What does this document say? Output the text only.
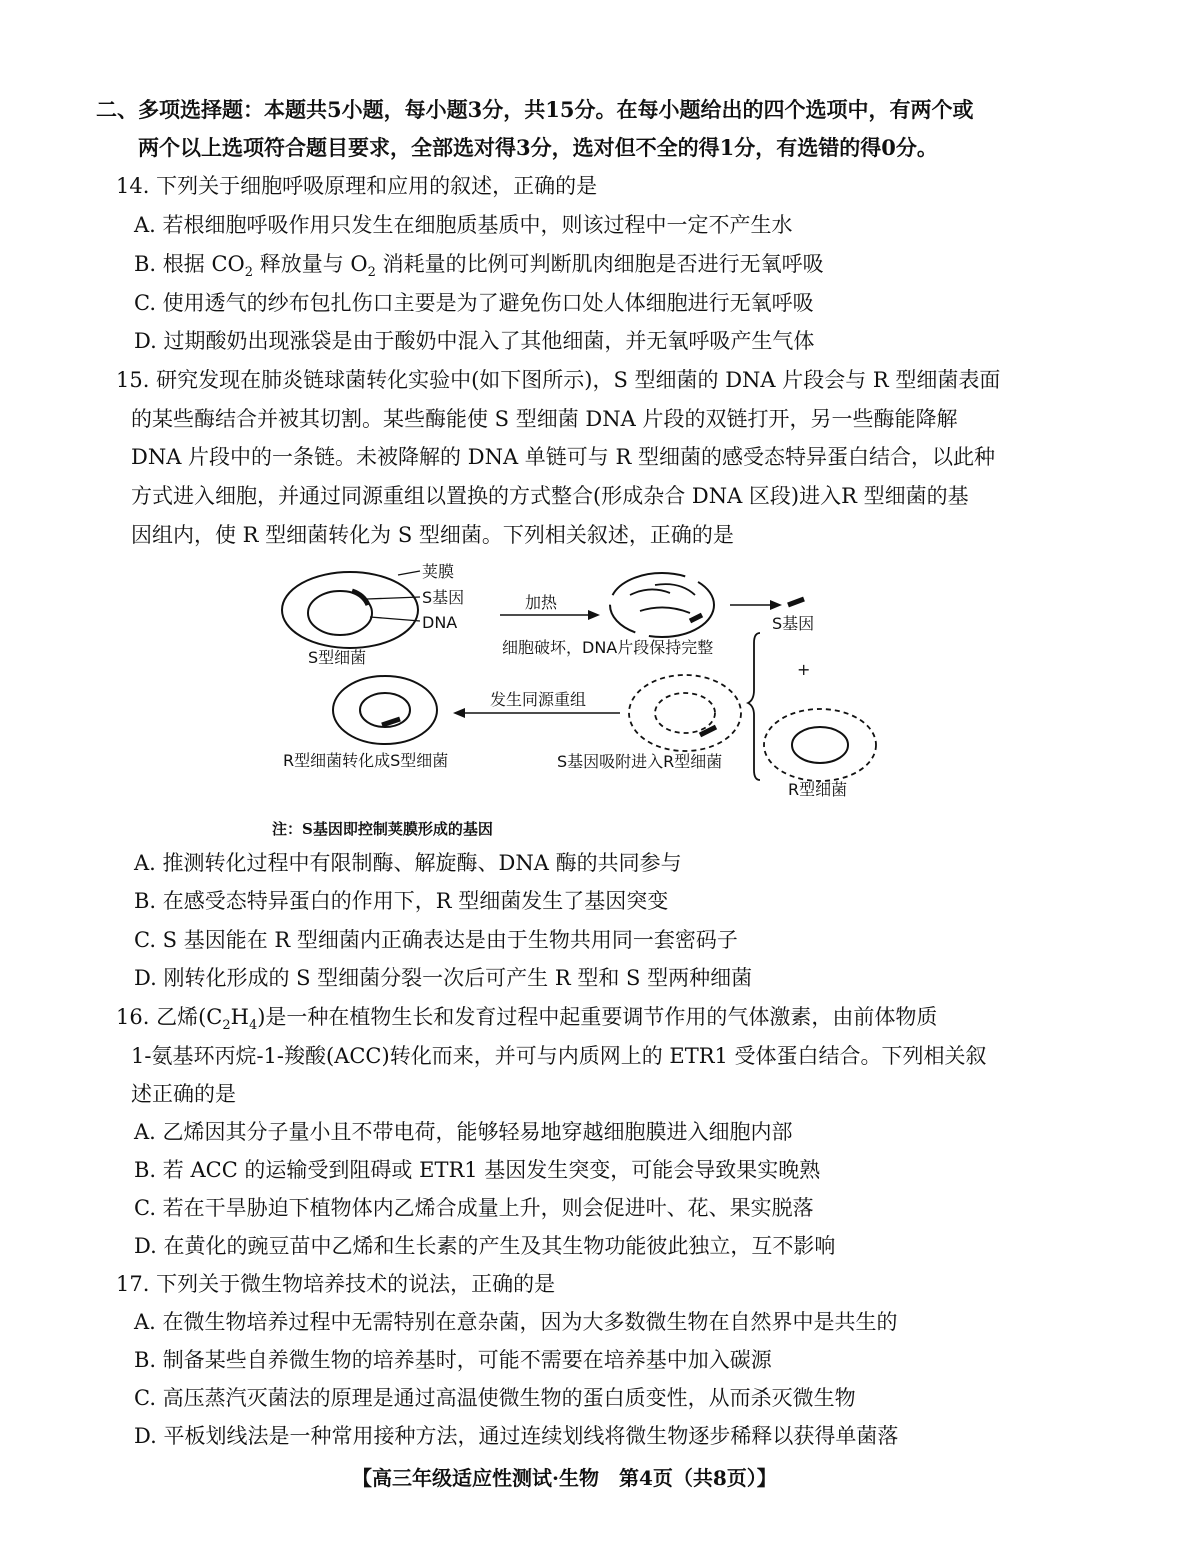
二、多项选择题：本题共5小题，每小题3分，共15分。在每小题给出的四个选项中，有两个或
两个以上选项符合题目要求，全部选对得3分，选对但不全的得1分，有选错的得0分。
14. 下列关于细胞呼吸原理和应用的叙述，正确的是
A. 若根细胞呼吸作用只发生在细胞质基质中，则该过程中一定不产生水
B. 根据 $CO_2$ 释放量与 $O_2$ 消耗量的比例可判断肌肉细胞是否进行无氧呼吸
C. 使用透气的纱布包扎伤口主要是为了避免伤口处人体细胞进行无氧呼吸
D. 过期酸奶出现涨袋是由于酸奶中混入了其他细菌，并无氧呼吸产生气体
15. 研究发现在肺炎链球菌转化实验中(如下图所示)，S 型细菌的 DNA 片段会与 R 型细菌表面
的某些酶结合并被其切割。某些酶能使 S 型细菌 DNA 片段的双链打开，另一些酶能降解
DNA 片段中的一条链。未被降解的 DNA 单链可与 R 型细菌的感受态特异蛋白结合，以此种
方式进入细胞，并通过同源重组以置换的方式整合(形成杂合 DNA 区段)进入R 型细菌的基
因组内，使 R 型细菌转化为 S 型细菌。下列相关叙述，正确的是
荚膜
S基因
DNA
S型细菌
加热
细胞破坏，DNA片段保持完整
S基因
+
R型细菌
S基因吸附进入R型细菌
发生同源重组
R型细菌转化成S型细菌
注：S基因即控制荚膜形成的基因
A. 推测转化过程中有限制酶、解旋酶、DNA 酶的共同参与
B. 在感受态特异蛋白的作用下，R 型细菌发生了基因突变
C. S 基因能在 R 型细菌内正确表达是由于生物共用同一套密码子
D. 刚转化形成的 S 型细菌分裂一次后可产生 R 型和 S 型两种细菌
16. 乙烯$(C_2H_4)$是一种在植物生长和发育过程中起重要调节作用的气体激素，由前体物质
1-氨基环丙烷-1-羧酸(ACC)转化而来，并可与内质网上的 ETR1 受体蛋白结合。下列相关叙
述正确的是
A. 乙烯因其分子量小且不带电荷，能够轻易地穿越细胞膜进入细胞内部
B. 若 ACC 的运输受到阻碍或 ETR1 基因发生突变，可能会导致果实晚熟
C. 若在干旱胁迫下植物体内乙烯合成量上升，则会促进叶、花、果实脱落
D. 在黄化的豌豆苗中乙烯和生长素的产生及其生物功能彼此独立，互不影响
17. 下列关于微生物培养技术的说法，正确的是
A. 在微生物培养过程中无需特别在意杂菌，因为大多数微生物在自然界中是共生的
B. 制备某些自养微生物的培养基时，可能不需要在培养基中加入碳源
C. 高压蒸汽灭菌法的原理是通过高温使微生物的蛋白质变性，从而杀灭微生物
D. 平板划线法是一种常用接种方法，通过连续划线将微生物逐步稀释以获得单菌落
【高三年级适应性测试·生物　第4页（共8页）】
